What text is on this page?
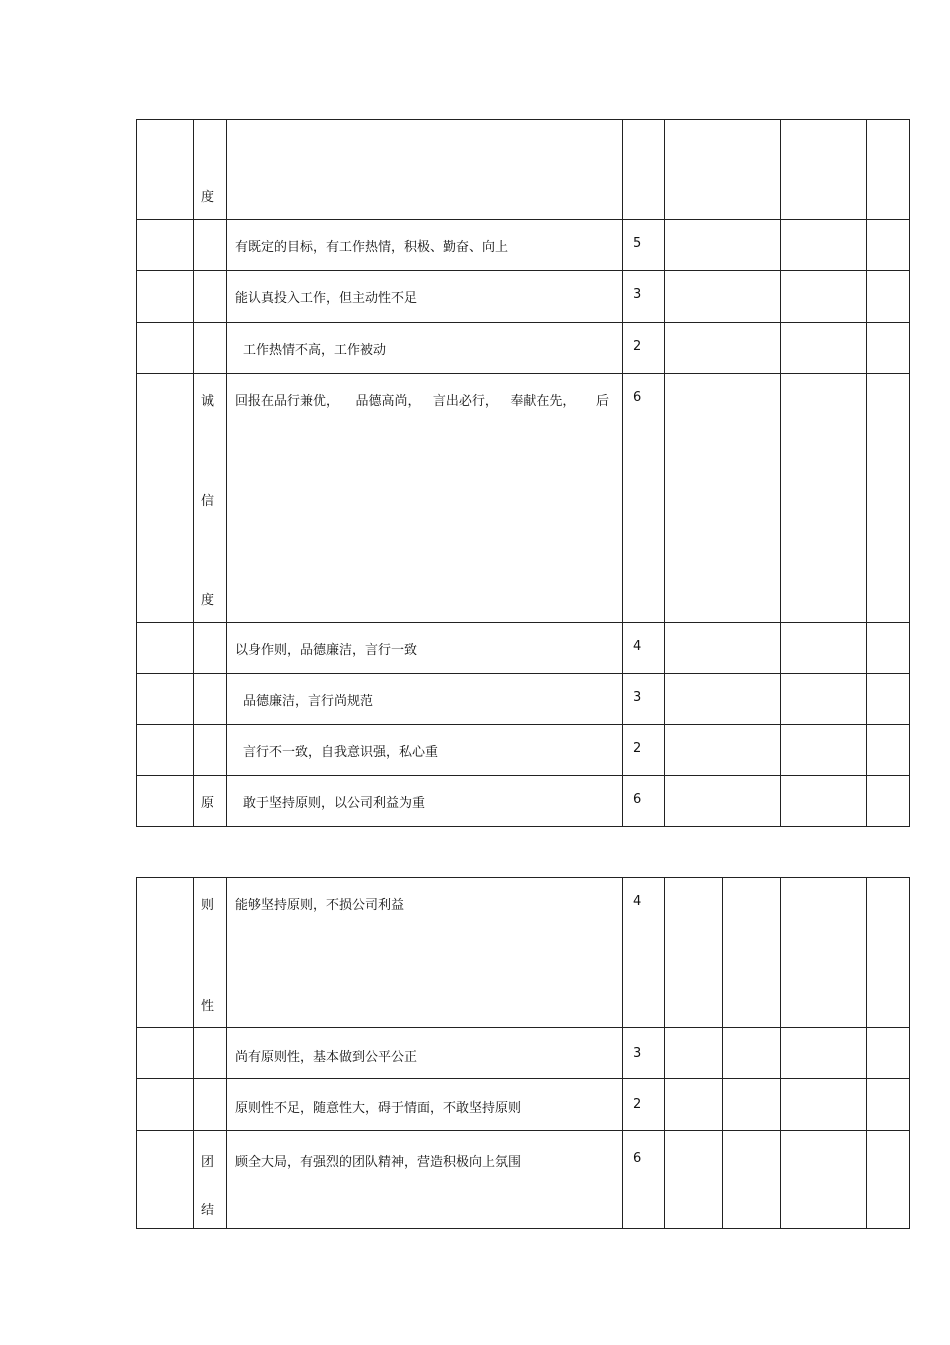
	度					

		有既定的目标，有工作热情，积极、勤奋、向上	5			

		能认真投入工作，但主动性不足	3			

		工作热情不高，工作被动	2			

	诚
信
度	回报在品行兼优，    品德高尚，   言出必行，   奉献在先，     后	6			

		以身作则，品德廉洁，言行一致	4			

		品德廉洁，言行尚规范	3			

		言行不一致，自我意识强，私心重	2			

	原	敢于坚持原则，以公司利益为重	6			

	则
性	能够坚持原则，不损公司利益	4				

		尚有原则性，基本做到公平公正	3				

		原则性不足，随意性大，碍于情面，不敢坚持原则	2				

	团
结	顾全大局，有强烈的团队精神，营造积极向上氛围	6				
